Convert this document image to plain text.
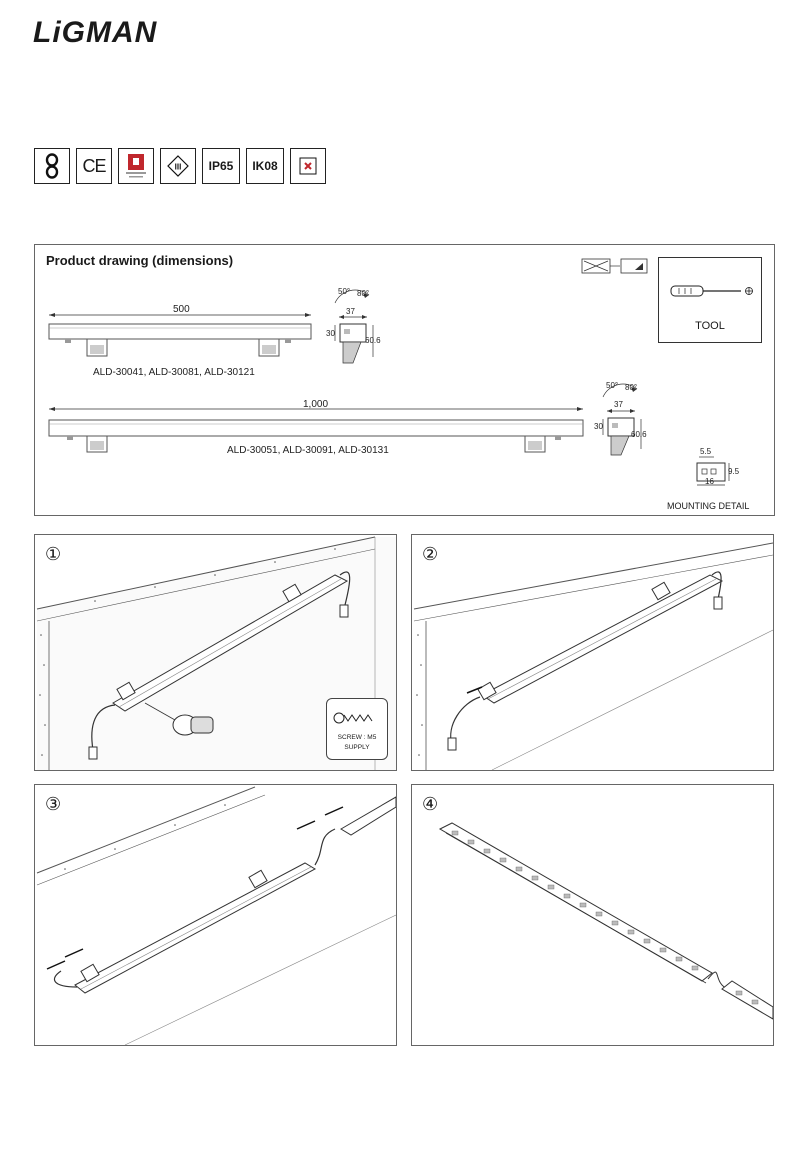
LiGMAN
CE	III IP65 IK08
Product drawing (dimensions)
TOOL
500
ALD-30041, ALD-30081, ALD-30121
1,000
ALD-30051, ALD-30091, ALD-30131
50° 80°
37
30
60.6
50° 80°
37
30
60.6
5.5
16
9.5
MOUNTING DETAIL
①
SCREW : M5
SUPPLY
②
③	④
